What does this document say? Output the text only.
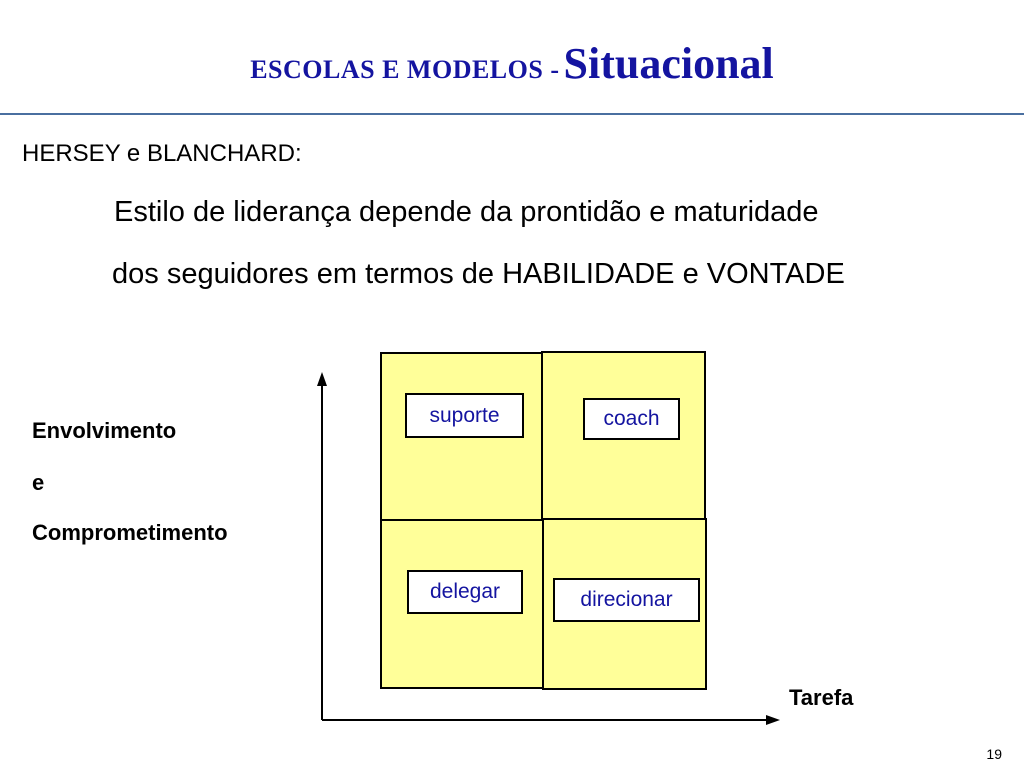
ESCOLAS E MODELOS - Situacional
HERSEY e BLANCHARD:
Estilo de liderança depende da prontidão e maturidade
dos seguidores em termos de HABILIDADE e VONTADE
Envolvimento
e
Comprometimento
suporte	coach
delegar	direcionar
Tarefa
19
